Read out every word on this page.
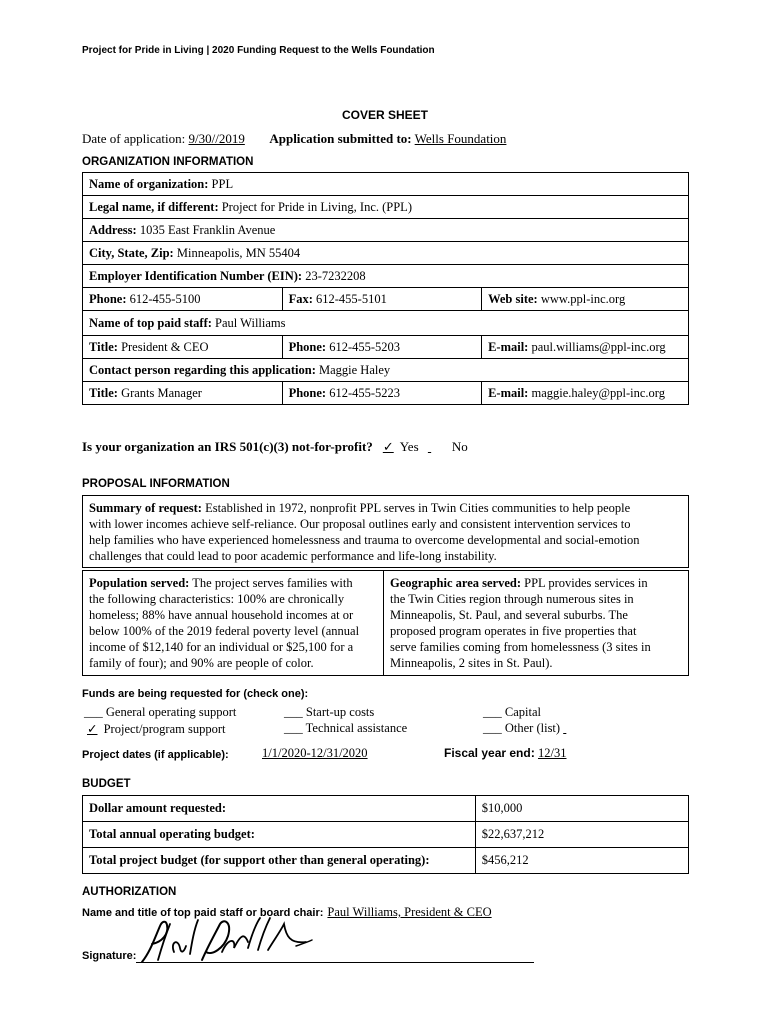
Project for Pride in Living | 2020 Funding Request to the Wells Foundation
COVER SHEET
Date of application: 9/30//2019 Application submitted to: Wells Foundation
ORGANIZATION INFORMATION
Name of organization: PPL		
Legal name, if different: Project for Pride in Living, Inc. (PPL)		
Address: 1035 East Franklin Avenue		
City, State, Zip: Minneapolis, MN 55404		
Employer Identification Number (EIN): 23-7232208		
Phone: 612-455-5100	Fax: 612-455-5101	Web site: www.ppl-inc.org
Name of top paid staff: Paul Williams		
Title: President & CEO	Phone: 612-455-5203	E-mail: paul.williams@ppl-inc.org
Contact person regarding this application: Maggie Haley		
Title: Grants Manager	Phone: 612-455-5223	E-mail: maggie.haley@ppl-inc.org
Is your organization an IRS 501(c)(3) not-for-profit? ✓ Yes	No
PROPOSAL INFORMATION
Summary of request: Established in 1972, nonprofit PPL serves in Twin Cities communities to help people
with lower incomes achieve self-reliance. Our proposal outlines early and consistent intervention services to
help families who have experienced homelessness and trauma to overcome developmental and social-emotion
challenges that could lead to poor academic performance and life-long instability.
Population served: The project serves families with
the following characteristics: 100% are chronically
homeless; 88% have annual household incomes at or
below 100% of the 2019 federal poverty level (annual
income of $12,140 for an individual or $25,100 for a
family of four); and 90% are people of color.
Geographic area served: PPL provides services in
the Twin Cities region through numerous sites in
Minneapolis, St. Paul, and several suburbs. The
proposed program operates in five properties that
serve families coming from homelessness (3 sites in
Minneapolis, 2 sites in St. Paul).
Funds are being requested for (check one):
___ General operating support
✓ Project/program support
___ Start-up costs
___ Technical assistance
___ Capital
___ Other (list)
Project dates (if applicable):	1/1/2020-12/31/2020	Fiscal year end: 12/31
BUDGET
Dollar amount requested:	$10,000
Total annual operating budget:	$22,637,212
Total project budget (for support other than general operating):	$456,212
AUTHORIZATION
Name and title of top paid staff or board chair: Paul Williams, President & CEO
Signature:
